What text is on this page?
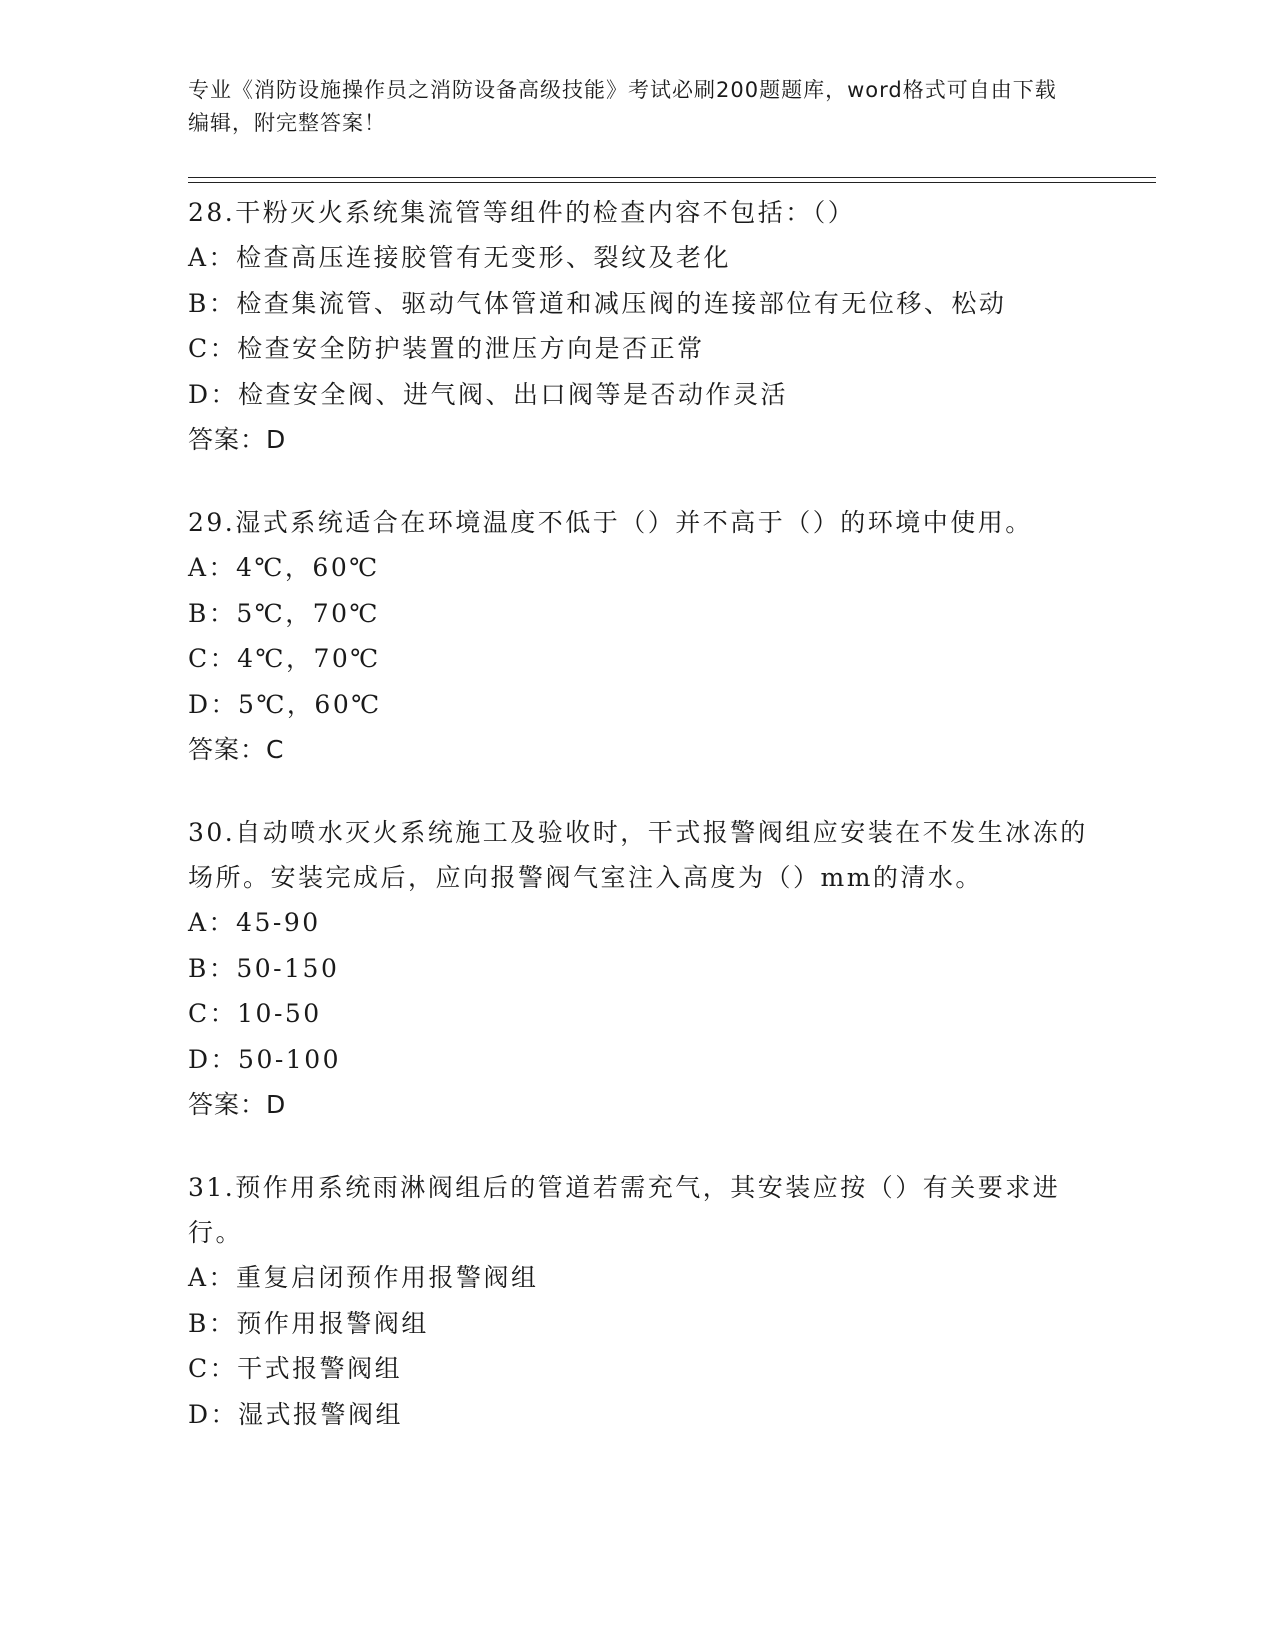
专业《消防设施操作员之消防设备高级技能》考试必刷200题题库，word格式可自由下载编辑，附完整答案！

28.干粉灭火系统集流管等组件的检查内容不包括：（）

A：检查高压连接胶管有无变形、裂纹及老化

B：检查集流管、驱动气体管道和减压阀的连接部位有无位移、松动

C：检查安全防护装置的泄压方向是否正常

D：检查安全阀、进气阀、出口阀等是否动作灵活

答案：D

29.湿式系统适合在环境温度不低于（）并不高于（）的环境中使用。

A：4℃，60℃

B：5℃，70℃

C：4℃，70℃

D：5℃，60℃

答案：C

30.自动喷水灭火系统施工及验收时，干式报警阀组应安装在不发生冰冻的场所。安装完成后，应向报警阀气室注入高度为（）mm的清水。

A：45-90

B：50-150

C：10-50

D：50-100

答案：D

31.预作用系统雨淋阀组后的管道若需充气，其安装应按（）有关要求进行。

A：重复启闭预作用报警阀组

B：预作用报警阀组

C：干式报警阀组

D：湿式报警阀组
